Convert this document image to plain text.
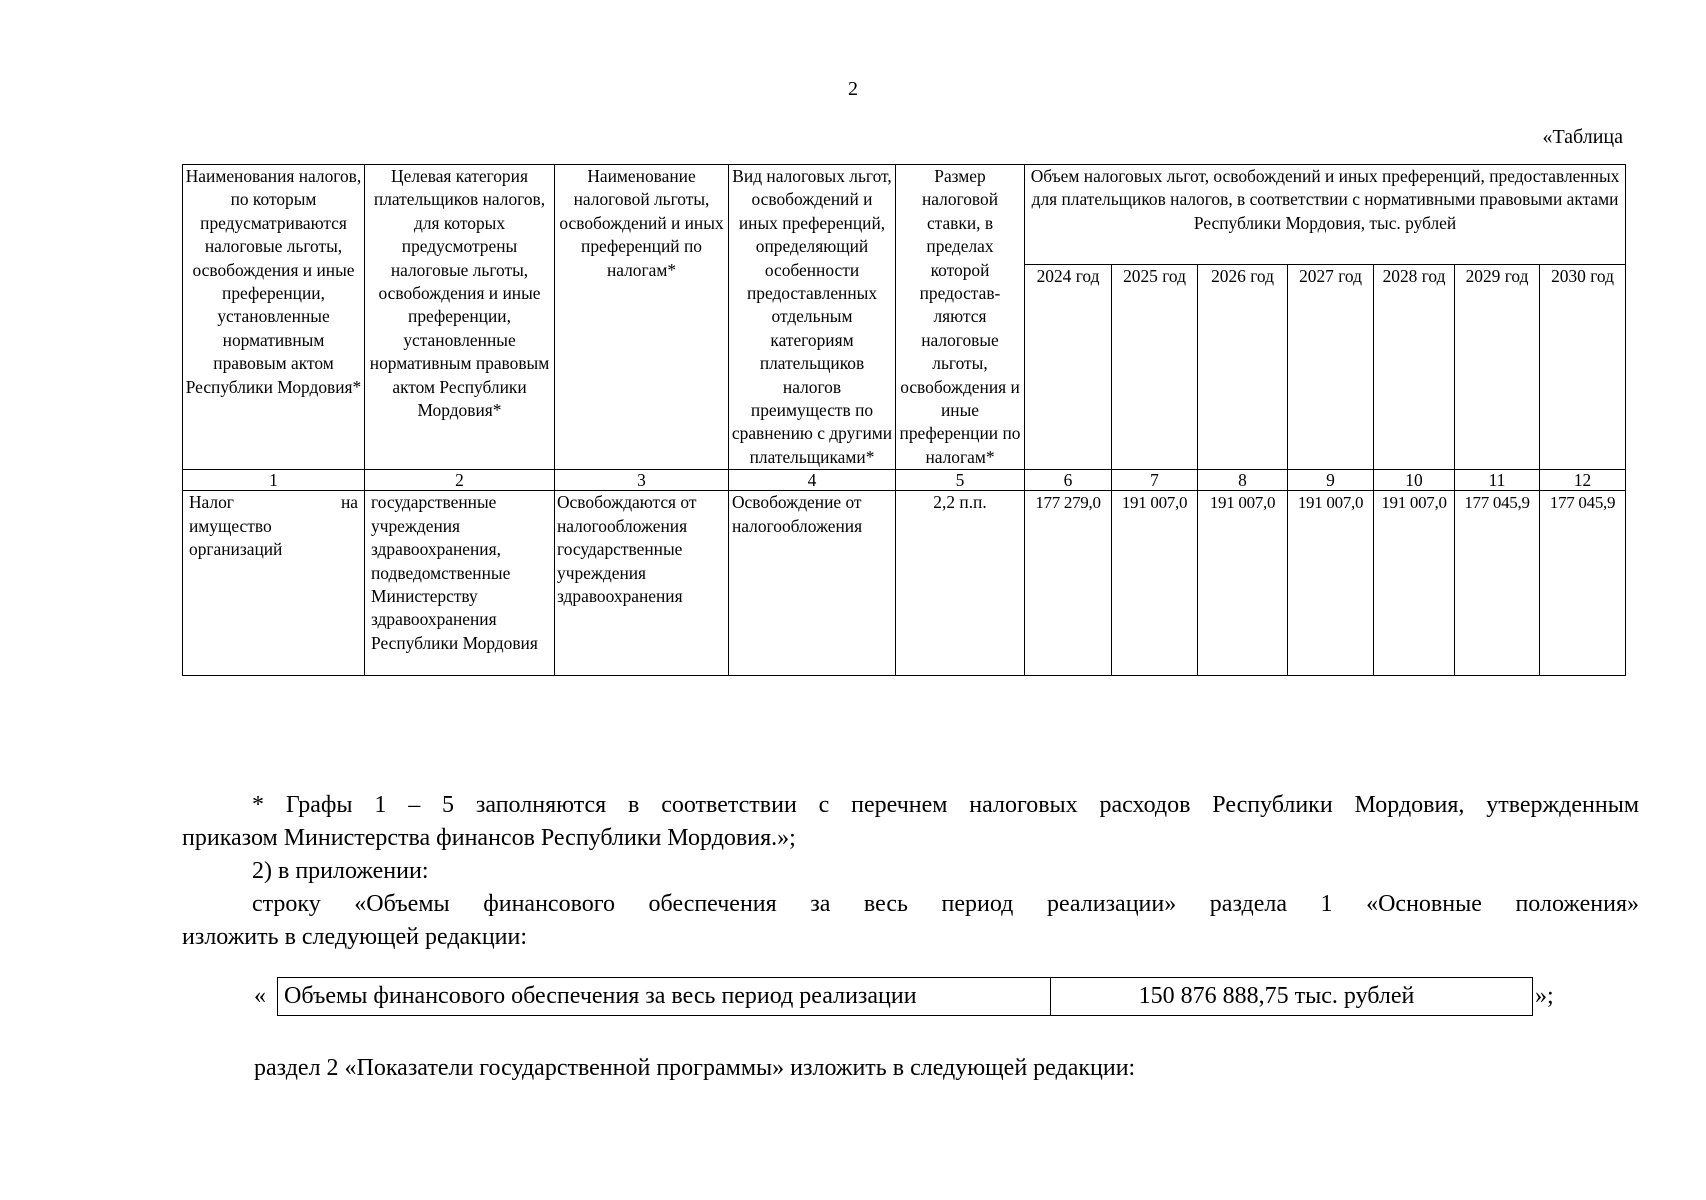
2
«Таблица
Наименования налогов, по которым предусматриваются налоговые льготы, освобождения и иные преференции, установленные нормативным правовым актом Республики Мордовия*	Целевая категория плательщиков налогов, для которых предусмотрены налоговые льготы, освобождения и иные преференции, установленные нормативным правовым актом Республики Мордовия*	Наименование налоговой льготы, освобождений и иных преференций по налогам*	Вид налоговых льгот, освобождений и иных преференций, определяющий особенности предоставленных отдельным категориям плательщиков налогов преимуществ по сравнению с другими плательщиками*	Размер налоговой ставки, в пределах которой предостав-ляются налоговые льготы, освобождения и иные преференции по налогам*	Объем налоговых льгот, освобождений и иных преференций, предоставленных для плательщиков налогов, в соответствии с нормативными правовыми актами Республики Мордовия, тыс. рублей						
					2024 год	2025 год	2026 год	2027 год	2028 год	2029 год	2030 год
1	2	3	4	5	6	7	8	9	10	11	12

Налог на
имущество организаций	государственные учреждения здравоохранения, подведомственные Министерству здравоохранения Республики Мордовия	Освобождаются от налогообложения государственные учреждения здравоохранения	Освобождение от налогообложения	2,2 п.п.	177 279,0	191 007,0	191 007,0	191 007,0	191 007,0	177 045,9	177 045,9
* Графы 1 – 5 заполняются в соответствии с перечнем налоговых расходов Республики Мордовия, утвержденным
приказом Министерства финансов Республики Мордовия.»;
2) в приложении:
строку «Объемы финансового обеспечения за весь период реализации» раздела 1 «Основные положения»
изложить в следующей редакции:
« Объемы финансового обеспечения за весь период реализации	150 876 888,75 тыс. рублей	»;
раздел 2 «Показатели государственной программы» изложить в следующей редакции:
